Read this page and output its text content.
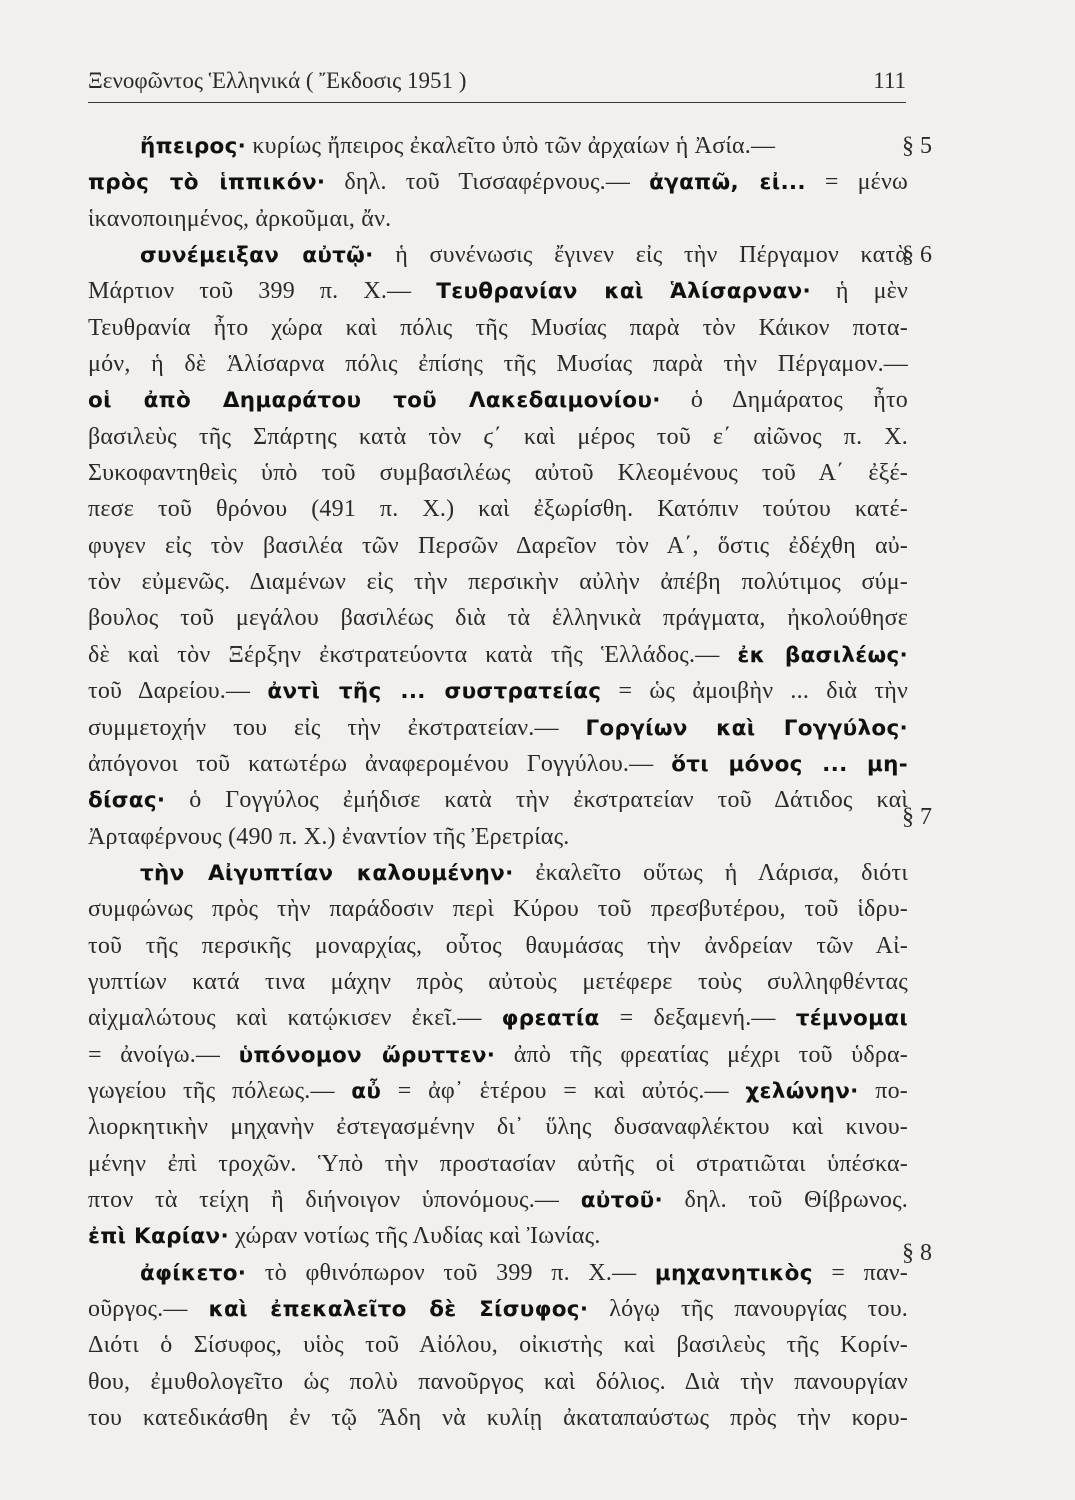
Ξενοφῶντος Ἑλληνικά ( Ἔκδοσις 1951 )	111
§ 5
§ 6
§ 7
§ 8
ἤπειρος· κυρίως ἤπειρος ἐκαλεῖτο ὑπὸ τῶν ἀρχαίων ἡ Ἀσία.—
πρὸς τὸ ἱππικόν· δηλ. τοῦ Τισσαφέρνους.— ἀγαπῶ, εἰ... = μένω
ἱκανοποιημένος, ἀρκοῦμαι, ἄν.
συνέμειξαν αὐτῷ· ἡ συνένωσις ἔγινεν εἰς τὴν Πέργαμον κατὰ
Μάρτιον τοῦ 399 π. Χ.— Τευθρανίαν καὶ Ἁλίσαρναν· ἡ μὲν
Τευθρανία ἦτο χώρα καὶ πόλις τῆς Μυσίας παρὰ τὸν Κάικον ποτα-
μόν, ἡ δὲ Ἁλίσαρνα πόλις ἐπίσης τῆς Μυσίας παρὰ τὴν Πέργαμον.—
οἱ ἀπὸ Δημαράτου τοῦ Λακεδαιμονίου· ὁ Δημάρατος ἦτο
βασιλεὺς τῆς Σπάρτης κατὰ τὸν ϛ΄ καὶ μέρος τοῦ ε΄ αἰῶνος π. Χ.
Συκοφαντηθεὶς ὑπὸ τοῦ συμβασιλέως αὐτοῦ Κλεομένους τοῦ Α΄ ἐξέ-
πεσε τοῦ θρόνου (491 π. Χ.) καὶ ἐξωρίσθη. Κατόπιν τούτου κατέ-
φυγεν εἰς τὸν βασιλέα τῶν Περσῶν Δαρεῖον τὸν Α΄, ὅστις ἐδέχθη αὐ-
τὸν εὐμενῶς. Διαμένων εἰς τὴν περσικὴν αὐλὴν ἀπέβη πολύτιμος σύμ-
βουλος τοῦ μεγάλου βασιλέως διὰ τὰ ἑλληνικὰ πράγματα, ἠκολούθησε
δὲ καὶ τὸν Ξέρξην ἐκστρατεύοντα κατὰ τῆς Ἑλλάδος.— ἐκ βασιλέως·
τοῦ Δαρείου.— ἀντὶ τῆς ... συστρατείας = ὡς ἀμοιβὴν ... διὰ τὴν
συμμετοχήν του εἰς τὴν ἐκστρατείαν.— Γοργίων καὶ Γογγύλος·
ἀπόγονοι τοῦ κατωτέρω ἀναφερομένου Γογγύλου.— ὅτι μόνος ... μη-
δίσας· ὁ Γογγύλος ἐμήδισε κατὰ τὴν ἐκστρατείαν τοῦ Δάτιδος καὶ
Ἀρταφέρνους (490 π. Χ.) ἐναντίον τῆς Ἐρετρίας.
τὴν Αἰγυπτίαν καλουμένην· ἐκαλεῖτο οὕτως ἡ Λάρισα, διότι
συμφώνως πρὸς τὴν παράδοσιν περὶ Κύρου τοῦ πρεσβυτέρου, τοῦ ἱδρυ-
τοῦ τῆς περσικῆς μοναρχίας, οὗτος θαυμάσας τὴν ἀνδρείαν τῶν Αἰ-
γυπτίων κατά τινα μάχην πρὸς αὐτοὺς μετέφερε τοὺς συλληφθέντας
αἰχμαλώτους καὶ κατῴκισεν ἐκεῖ.— φρεατία = δεξαμενή.— τέμνομαι
= ἀνοίγω.— ὑπόνομον ὤρυττεν· ἀπὸ τῆς φρεατίας μέχρι τοῦ ὑδρα-
γωγείου τῆς πόλεως.— αὖ = ἀφ᾽ ἑτέρου = καὶ αὐτός.— χελώνην· πο-
λιορκητικὴν μηχανὴν ἐστεγασμένην δι᾽ ὕλης δυσαναφλέκτου καὶ κινου-
μένην ἐπὶ τροχῶν. Ὑπὸ τὴν προστασίαν αὐτῆς οἱ στρατιῶται ὑπέσκα-
πτον τὰ τείχη ἢ διήνοιγον ὑπονόμους.— αὐτοῦ· δηλ. τοῦ Θίβρωνος.
ἐπὶ Καρίαν· χώραν νοτίως τῆς Λυδίας καὶ Ἰωνίας.
ἀφίκετο· τὸ φθινόπωρον τοῦ 399 π. Χ.— μηχανητικὸς = παν-
οῦργος.— καὶ ἐπεκαλεῖτο δὲ Σίσυφος· λόγῳ τῆς πανουργίας του.
Διότι ὁ Σίσυφος, υἱὸς τοῦ Αἰόλου, οἰκιστὴς καὶ βασιλεὺς τῆς Κορίν-
θου, ἐμυθολογεῖτο ὡς πολὺ πανοῦργος καὶ δόλιος. Διὰ τὴν πανουργίαν
του κατεδικάσθη ἐν τῷ Ἅδη νὰ κυλίῃ ἀκαταπαύστως πρὸς τὴν κορυ-
